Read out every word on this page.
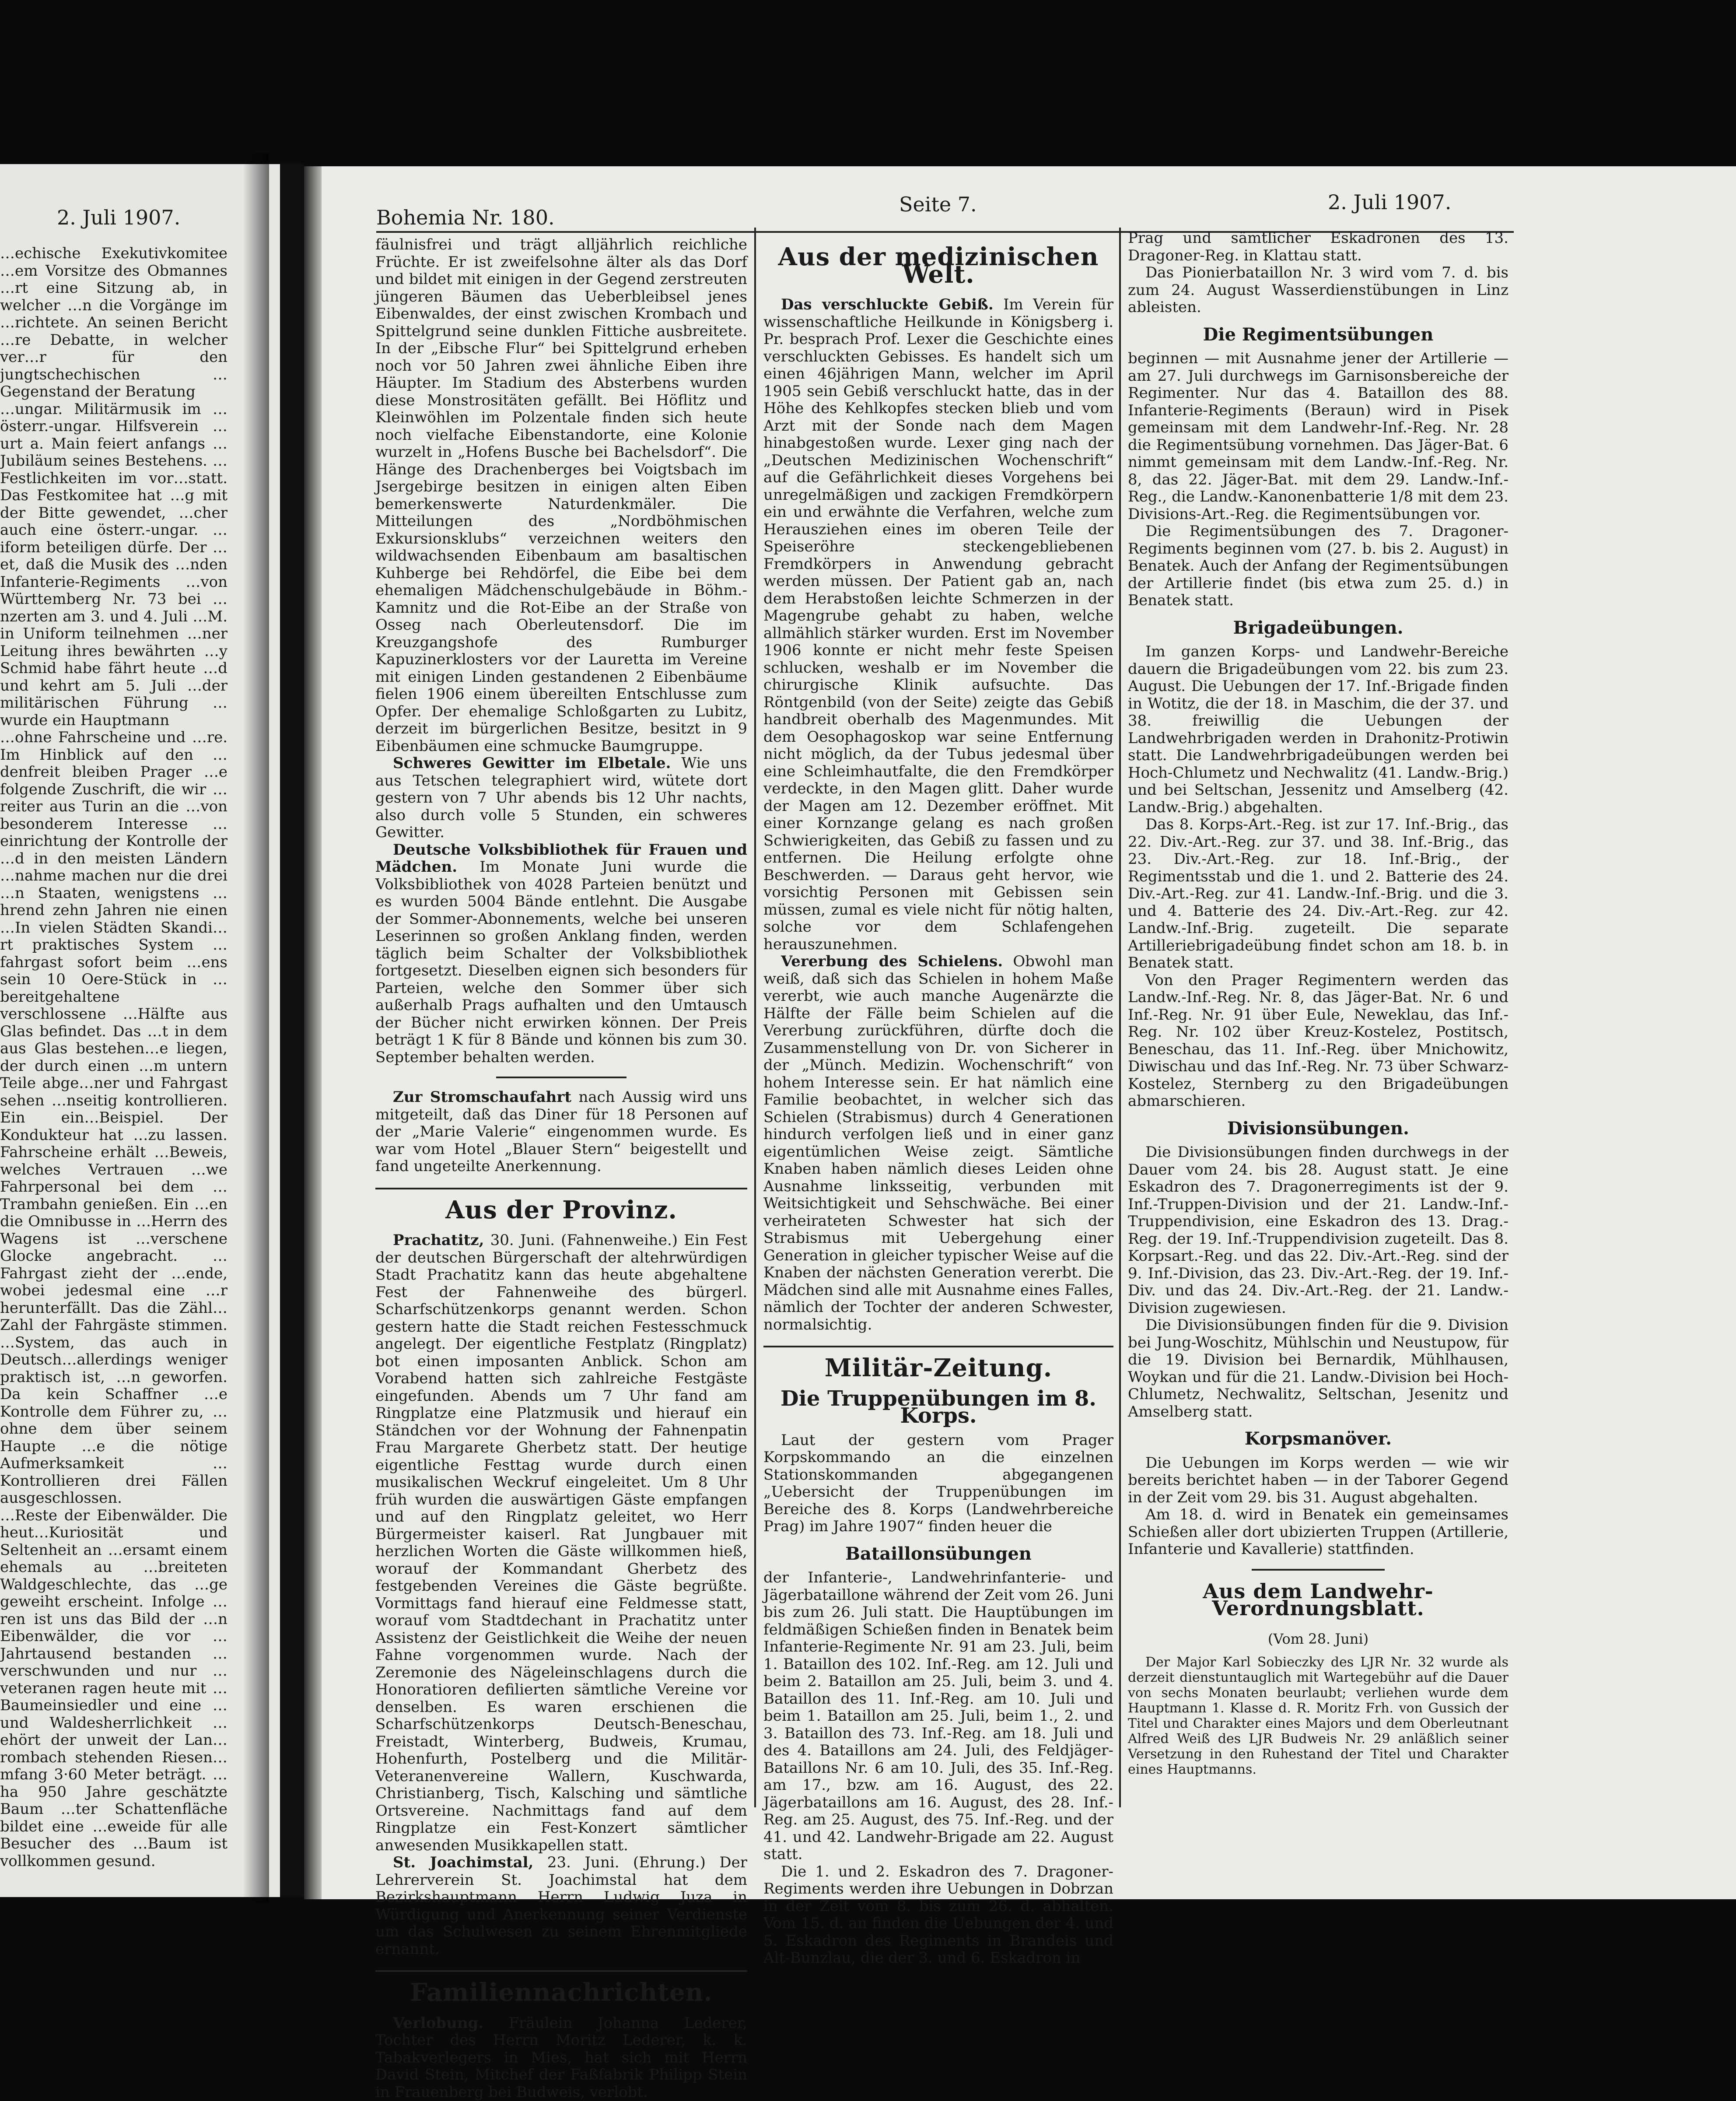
2. Juli 1907.

…echische Exekutivkomitee …em Vorsitze des Obmannes …rt eine Sitzung ab, in welcher …n die Vorgänge im …richtete. An seinen Bericht …re Debatte, in welcher ver…r für den jungtschechischen …Gegenstand der Beratung

…ungar. Militärmusik im …österr.-ungar. Hilfsverein …urt a. Main feiert anfangs …Jubiläum seines Bestehens. …Festlichkeiten im vor…statt. Das Festkomitee hat …g mit der Bitte gewendet, …cher auch eine österr.-ungar. …iform beteiligen dürfe. Der …et, daß die Musik des …nden Infanterie-Regiments …von Württemberg Nr. 73 bei …nzerten am 3. und 4. Juli …M. in Uniform teilnehmen …ner Leitung ihres bewährten …y Schmid habe fährt heute …d und kehrt am 5. Juli …der militärischen Führung …wurde ein Hauptmann

…ohne Fahrscheine und …re. Im Hinblick auf den …denfreit bleiben Prager …e folgende Zuschrift, die wir …reiter aus Turin an die …von besonderem Interesse …einrichtung der Kontrolle der …d in den meisten Ländern …nahme machen nur die drei …n Staaten, wenigstens …hrend zehn Jahren nie einen …In vielen Städten Skandi…rt praktisches System …fahrgast sofort beim …ens sein 10 Oere-Stück in …bereitgehaltene verschlossene …Hälfte aus Glas befindet. Das …t in dem aus Glas bestehen…e liegen, der durch einen …m untern Teile abge…ner und Fahrgast sehen …nseitig kontrollieren. Ein ein…Beispiel. Der Kondukteur hat …zu lassen. Fahrscheine erhält …Beweis, welches Vertrauen …we Fahrpersonal bei dem …Trambahn genießen. Ein …en die Omnibusse in …Herrn des Wagens ist …verschene Glocke angebracht. …Fahrgast zieht der …ende, wobei jedesmal eine …r herunterfällt. Das die Zähl…Zahl der Fahrgäste stimmen. …System, das auch in Deutsch…allerdings weniger praktisch ist, …n geworfen. Da kein Schaffner …e Kontrolle dem Führer zu, …ohne dem über seinem Haupte …e die nötige Aufmerksamkeit …Kontrollieren drei Fällen ausgeschlossen.

…Reste der Eibenwälder. Die heut…Kuriosität und Seltenheit an …ersamt einem ehemals au …breiteten Waldgeschlechte, das …ge geweiht erscheint. Infolge …ren ist uns das Bild der …n Eibenwälder, die vor …Jahrtausend bestanden …verschwunden und nur …veteranen ragen heute mit …Baumeinsiedler und eine …und Waldesherrlichkeit …ehört der unweit der Lan…rombach stehenden Riesen…mfang 3·60 Meter beträgt. …ha 950 Jahre geschätzte Baum …ter Schattenfläche bildet eine …eweide für alle Besucher des …Baum ist vollkommen gesund.

Bohemia Nr. 180.
Seite 7.	2. Juli 1907.

fäulnisfrei und trägt alljährlich reichliche Früchte. Er ist zweifelsohne älter als das Dorf und bildet mit einigen in der Gegend zerstreuten jüngeren Bäumen das Ueberbleibsel jenes Eibenwaldes, der einst zwischen Krombach und Spittelgrund seine dunklen Fittiche ausbreitete. In der „Eibsche Flur“ bei Spittelgrund erheben noch vor 50 Jahren zwei ähnliche Eiben ihre Häupter. Im Stadium des Absterbens wurden diese Monstrositäten gefällt. Bei Höflitz und Kleinwöhlen im Polzentale finden sich heute noch vielfache Eibenstandorte, eine Kolonie wurzelt in „Hofens Busche bei Bachelsdorf“. Die Hänge des Drachenberges bei Voigtsbach im Jsergebirge besitzen in einigen alten Eiben bemerkenswerte Naturdenkmäler. Die Mitteilungen des „Nordböhmischen Exkursionsklubs“ verzeichnen weiters den wildwachsenden Eibenbaum am basaltischen Kuhberge bei Rehdörfel, die Eibe bei dem ehemaligen Mädchenschulgebäude in Böhm.-Kamnitz und die Rot-Eibe an der Straße von Osseg nach Oberleutensdorf. Die im Kreuzgangshofe des Rumburger Kapuzinerklosters vor der Lauretta im Vereine mit einigen Linden gestandenen 2 Eibenbäume fielen 1906 einem übereilten Entschlusse zum Opfer. Der ehemalige Schloßgarten zu Lubitz, derzeit im bürgerlichen Besitze, besitzt in 9 Eibenbäumen eine schmucke Baumgruppe.

Schweres Gewitter im Elbetale. Wie uns aus Tetschen telegraphiert wird, wütete dort gestern von 7 Uhr abends bis 12 Uhr nachts, also durch volle 5 Stunden, ein schweres Gewitter.

Deutsche Volksbibliothek für Frauen und Mädchen. Im Monate Juni wurde die Volksbibliothek von 4028 Parteien benützt und es wurden 5004 Bände entlehnt. Die Ausgabe der Sommer-Abonnements, welche bei unseren Leserinnen so großen Anklang finden, werden täglich beim Schalter der Volksbibliothek fortgesetzt. Dieselben eignen sich besonders für Parteien, welche den Sommer über sich außerhalb Prags aufhalten und den Umtausch der Bücher nicht erwirken können. Der Preis beträgt 1 K für 8 Bände und können bis zum 30. September behalten werden.

Zur Stromschaufahrt nach Aussig wird uns mitgeteilt, daß das Diner für 18 Personen auf der „Marie Valerie“ eingenommen wurde. Es war vom Hotel „Blauer Stern“ beigestellt und fand ungeteilte Anerkennung.

Aus der Provinz.

Prachatitz, 30. Juni. (Fahnenweihe.) Ein Fest der deutschen Bürgerschaft der altehrwürdigen Stadt Prachatitz kann das heute abgehaltene Fest der Fahnenweihe des bürgerl. Scharfschützenkorps genannt werden. Schon gestern hatte die Stadt reichen Festesschmuck angelegt. Der eigentliche Festplatz (Ringplatz) bot einen imposanten Anblick. Schon am Vorabend hatten sich zahlreiche Festgäste eingefunden. Abends um 7 Uhr fand am Ringplatze eine Platzmusik und hierauf ein Ständchen vor der Wohnung der Fahnenpatin Frau Margarete Gherbetz statt. Der heutige eigentliche Festtag wurde durch einen musikalischen Weckruf eingeleitet. Um 8 Uhr früh wurden die auswärtigen Gäste empfangen und auf den Ringplatz geleitet, wo Herr Bürgermeister kaiserl. Rat Jungbauer mit herzlichen Worten die Gäste willkommen hieß, worauf der Kommandant Gherbetz des festgebenden Vereines die Gäste begrüßte. Vormittags fand hierauf eine Feldmesse statt, worauf vom Stadtdechant in Prachatitz unter Assistenz der Geistlichkeit die Weihe der neuen Fahne vorgenommen wurde. Nach der Zeremonie des Nägeleinschlagens durch die Honoratioren defilierten sämtliche Vereine vor denselben. Es waren erschienen die Scharfschützenkorps Deutsch-Beneschau, Freistadt, Winterberg, Budweis, Krumau, Hohenfurth, Postelberg und die Militär-Veteranenvereine Wallern, Kuschwarda, Christianberg, Tisch, Kalsching und sämtliche Ortsvereine. Nachmittags fand auf dem Ringplatze ein Fest-Konzert sämtlicher anwesenden Musikkapellen statt.

St. Joachimstal, 23. Juni. (Ehrung.) Der Lehrerverein St. Joachimstal hat dem Bezirkshauptmann Herrn Ludwig Juza in Würdigung und Anerkennung seiner Verdienste um das Schulwesen zu seinem Ehrenmitgliede ernannt.

Familiennachrichten.

Verlobung. Fräulein Johanna Lederer, Tochter des Herrn Moritz Lederer, k. k. Tabakverlegers in Mies, hat sich mit Herrn David Stein, Mitchef der Faßfabrik Philipp Stein in Frauenberg bei Budweis, verlobt.

Aus der medizinischen Welt.

Das verschluckte Gebiß. Im Verein für wissenschaftliche Heilkunde in Königsberg i. Pr. besprach Prof. Lexer die Geschichte eines verschluckten Gebisses. Es handelt sich um einen 46jährigen Mann, welcher im April 1905 sein Gebiß verschluckt hatte, das in der Höhe des Kehlkopfes stecken blieb und vom Arzt mit der Sonde nach dem Magen hinabgestoßen wurde. Lexer ging nach der „Deutschen Medizinischen Wochenschrift“ auf die Gefährlichkeit dieses Vorgehens bei unregelmäßigen und zackigen Fremdkörpern ein und erwähnte die Verfahren, welche zum Herausziehen eines im oberen Teile der Speiseröhre steckengebliebenen Fremdkörpers in Anwendung gebracht werden müssen. Der Patient gab an, nach dem Herabstoßen leichte Schmerzen in der Magengrube gehabt zu haben, welche allmählich stärker wurden. Erst im November 1906 konnte er nicht mehr feste Speisen schlucken, weshalb er im November die chirurgische Klinik aufsuchte. Das Röntgenbild (von der Seite) zeigte das Gebiß handbreit oberhalb des Magenmundes. Mit dem Oesophagoskop war seine Entfernung nicht möglich, da der Tubus jedesmal über eine Schleimhautfalte, die den Fremdkörper verdeckte, in den Magen glitt. Daher wurde der Magen am 12. Dezember eröffnet. Mit einer Kornzange gelang es nach großen Schwierigkeiten, das Gebiß zu fassen und zu entfernen. Die Heilung erfolgte ohne Beschwerden. — Daraus geht hervor, wie vorsichtig Personen mit Gebissen sein müssen, zumal es viele nicht für nötig halten, solche vor dem Schlafengehen herauszunehmen.

Vererbung des Schielens. Obwohl man weiß, daß sich das Schielen in hohem Maße vererbt, wie auch manche Augenärzte die Hälfte der Fälle beim Schielen auf die Vererbung zurückführen, dürfte doch die Zusammenstellung von Dr. von Sicherer in der „Münch. Medizin. Wochenschrift“ von hohem Interesse sein. Er hat nämlich eine Familie beobachtet, in welcher sich das Schielen (Strabismus) durch 4 Generationen hindurch verfolgen ließ und in einer ganz eigentümlichen Weise zeigt. Sämtliche Knaben haben nämlich dieses Leiden ohne Ausnahme linksseitig, verbunden mit Weitsichtigkeit und Sehschwäche. Bei einer verheirateten Schwester hat sich der Strabismus mit Uebergehung einer Generation in gleicher typischer Weise auf die Knaben der nächsten Generation vererbt. Die Mädchen sind alle mit Ausnahme eines Falles, nämlich der Tochter der anderen Schwester, normalsichtig.

Militär-Zeitung.
Die Truppenübungen im 8. Korps.

Laut der gestern vom Prager Korpskommando an die einzelnen Stationskommanden abgegangenen „Uebersicht der Truppenübungen im Bereiche des 8. Korps (Landwehrbereiche Prag) im Jahre 1907“ finden heuer die

Bataillonsübungen

der Infanterie-, Landwehrinfanterie- und Jägerbataillone während der Zeit vom 26. Juni bis zum 26. Juli statt. Die Hauptübungen im feldmäßigen Schießen finden in Benatek beim Infanterie-Regimente Nr. 91 am 23. Juli, beim 1. Bataillon des 102. Inf.-Reg. am 12. Juli und beim 2. Bataillon am 25. Juli, beim 3. und 4. Bataillon des 11. Inf.-Reg. am 10. Juli und beim 1. Bataillon am 25. Juli, beim 1., 2. und 3. Bataillon des 73. Inf.-Reg. am 18. Juli und des 4. Bataillons am 24. Juli, des Feldjäger-Bataillons Nr. 6 am 10. Juli, des 35. Inf.-Reg. am 17., bzw. am 16. August, des 22. Jägerbataillons am 16. August, des 28. Inf.-Reg. am 25. August, des 75. Inf.-Reg. und der 41. und 42. Landwehr-Brigade am 22. August statt.

Die 1. und 2. Eskadron des 7. Dragoner-Regiments werden ihre Uebungen in Dobrzan in der Zeit vom 8. bis zum 26. d. abhalten. Vom 15. d. an finden die Uebungen der 4. und 5. Eskadron des Regiments in Brandeis und Alt-Bunzlau, die der 3. und 6. Eskadron in

Prag und sämtlicher Eskadronen des 13. Dragoner-Reg. in Klattau statt.

Das Pionierbataillon Nr. 3 wird vom 7. d. bis zum 24. August Wasserdienstübungen in Linz ableisten.

Die Regimentsübungen

beginnen — mit Ausnahme jener der Artillerie — am 27. Juli durchwegs im Garnisonsbereiche der Regimenter. Nur das 4. Bataillon des 88. Infanterie-Regiments (Beraun) wird in Pisek gemeinsam mit dem Landwehr-Inf.-Reg. Nr. 28 die Regimentsübung vornehmen. Das Jäger-Bat. 6 nimmt gemeinsam mit dem Landw.-Inf.-Reg. Nr. 8, das 22. Jäger-Bat. mit dem 29. Landw.-Inf.-Reg., die Landw.-Kanonenbatterie 1/8 mit dem 23. Divisions-Art.-Reg. die Regimentsübungen vor.

Die Regimentsübungen des 7. Dragoner-Regiments beginnen vom (27. b. bis 2. August) in Benatek. Auch der Anfang der Regimentsübungen der Artillerie findet (bis etwa zum 25. d.) in Benatek statt.

Brigadeübungen.

Im ganzen Korps- und Landwehr-Bereiche dauern die Brigadeübungen vom 22. bis zum 23. August. Die Uebungen der 17. Inf.-Brigade finden in Wotitz, die der 18. in Maschim, die der 37. und 38. freiwillig die Uebungen der Landwehrbrigaden werden in Drahonitz-Protiwin statt. Die Landwehrbrigadeübungen werden bei Hoch-Chlumetz und Nechwalitz (41. Landw.-Brig.) und bei Seltschan, Jessenitz und Amselberg (42. Landw.-Brig.) abgehalten.

Das 8. Korps-Art.-Reg. ist zur 17. Inf.-Brig., das 22. Div.-Art.-Reg. zur 37. und 38. Inf.-Brig., das 23. Div.-Art.-Reg. zur 18. Inf.-Brig., der Regimentsstab und die 1. und 2. Batterie des 24. Div.-Art.-Reg. zur 41. Landw.-Inf.-Brig. und die 3. und 4. Batterie des 24. Div.-Art.-Reg. zur 42. Landw.-Inf.-Brig. zugeteilt. Die separate Artilleriebrigadeübung findet schon am 18. b. in Benatek statt.

Von den Prager Regimentern werden das Landw.-Inf.-Reg. Nr. 8, das Jäger-Bat. Nr. 6 und Inf.-Reg. Nr. 91 über Eule, Neweklau, das Inf.-Reg. Nr. 102 über Kreuz-Kostelez, Postitsch, Beneschau, das 11. Inf.-Reg. über Mnichowitz, Diwischau und das Inf.-Reg. Nr. 73 über Schwarz-Kostelez, Sternberg zu den Brigadeübungen abmarschieren.

Divisionsübungen.

Die Divisionsübungen finden durchwegs in der Dauer vom 24. bis 28. August statt. Je eine Eskadron des 7. Dragonerregiments ist der 9. Inf.-Truppen-Division und der 21. Landw.-Inf.-Truppendivision, eine Eskadron des 13. Drag.-Reg. der 19. Inf.-Truppendivision zugeteilt. Das 8. Korpsart.-Reg. und das 22. Div.-Art.-Reg. sind der 9. Inf.-Division, das 23. Div.-Art.-Reg. der 19. Inf.-Div. und das 24. Div.-Art.-Reg. der 21. Landw.-Division zugewiesen.

Die Divisionsübungen finden für die 9. Division bei Jung-Woschitz, Mühlschin und Neustupow, für die 19. Division bei Bernardik, Mühlhausen, Woykan und für die 21. Landw.-Division bei Hoch-Chlumetz, Nechwalitz, Seltschan, Jesenitz und Amselberg statt.

Korpsmanöver.

Die Uebungen im Korps werden — wie wir bereits berichtet haben — in der Taborer Gegend in der Zeit vom 29. bis 31. August abgehalten.

Am 18. d. wird in Benatek ein gemeinsames Schießen aller dort ubizierten Truppen (Artillerie, Infanterie und Kavallerie) stattfinden.

Aus dem Landwehr-Verordnungsblatt.
(Vom 28. Juni)

Der Major Karl Sobieczky des LJR Nr. 32 wurde als derzeit dienstuntauglich mit Wartegebühr auf die Dauer von sechs Monaten beurlaubt; verliehen wurde dem Hauptmann 1. Klasse d. R. Moritz Frh. von Gussich der Titel und Charakter eines Majors und dem Oberleutnant Alfred Weiß des LJR Budweis Nr. 29 anläßlich seiner Versetzung in den Ruhestand der Titel und Charakter eines Hauptmanns.
